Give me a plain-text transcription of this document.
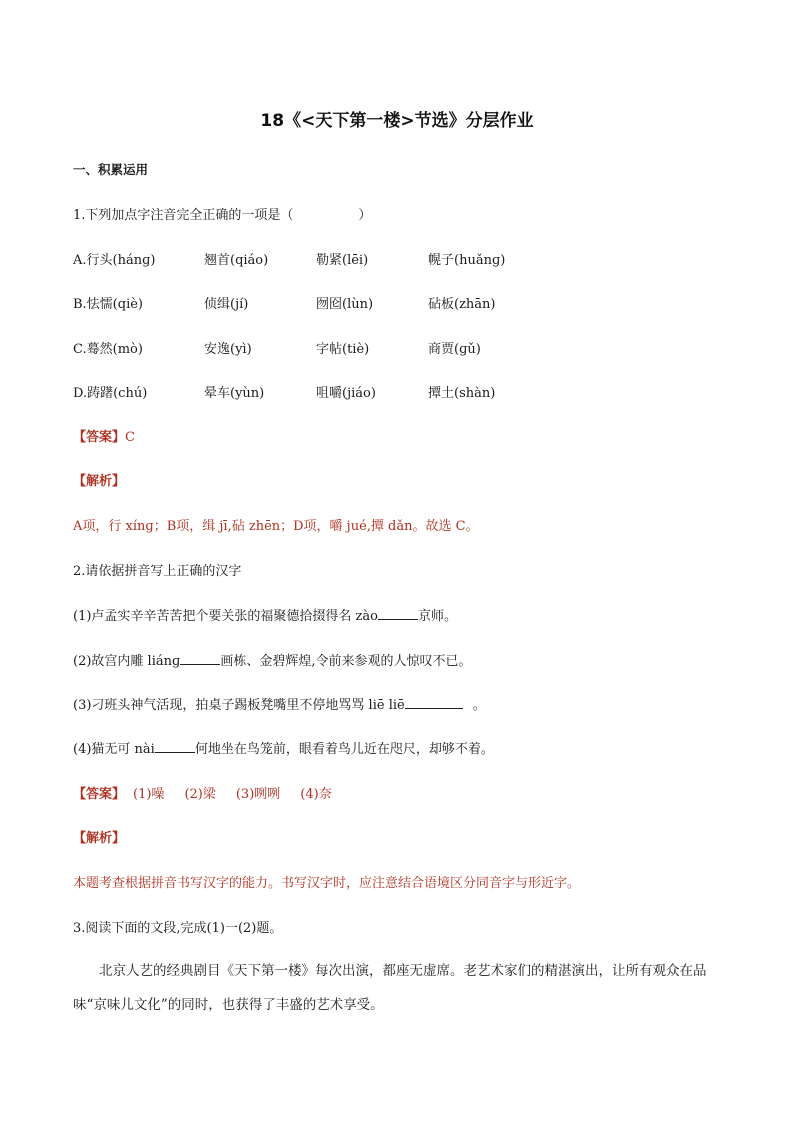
18《<天下第一楼>节选》分层作业
一、积累运用
1.下列加点字注音完全正确的一项是（　　　　　）
A.行头(hánɡ)	翘首(qiáo)	勒紧(lēi)	幌子(huǎnɡ)
B.怯懦(qiè)	侦缉(jí)	囫囵(lùn)	砧板(zhān)
C.蓦然(mò)	安逸(yì)	字帖(tiè)	商贾(ɡǔ)
D.踌躇(chú)	晕车(yùn)	咀嚼(jiáo)	撢土(shàn)
【答案】C
【解析】
A项，行 xínɡ；B项，缉 jī,砧 zhēn；D项，嚼 jué,撢 dǎn。故选 C。
2.请依据拼音写上正确的汉字
(1)卢孟实辛辛苦苦把个要关张的福聚德拾掇得名 zào	京师。
(2)故宫内雕 liánɡ	画栋、金碧辉煌,令前来参观的人惊叹不已。
(3)刁班头神气活现，拍桌子踢板凳嘴里不停地骂骂 liē liē	。
(4)猫无可 nài	何地坐在鸟笼前，眼看着鸟儿近在咫尺，却够不着。
【答案】 (1)噪 (2)梁 (3)咧咧 (4)奈
【解析】
本题考查根据拼音书写汉字的能力。书写汉字时，应注意结合语境区分同音字与形近字。
3.阅读下面的文段,完成(1)一(2)题。
北京人艺的经典剧目《天下第一楼》每次出演，都座无虚席。老艺术家们的精湛演出，让所有观众在品味“京味儿文化”的同时，也获得了丰盛的艺术享受。
